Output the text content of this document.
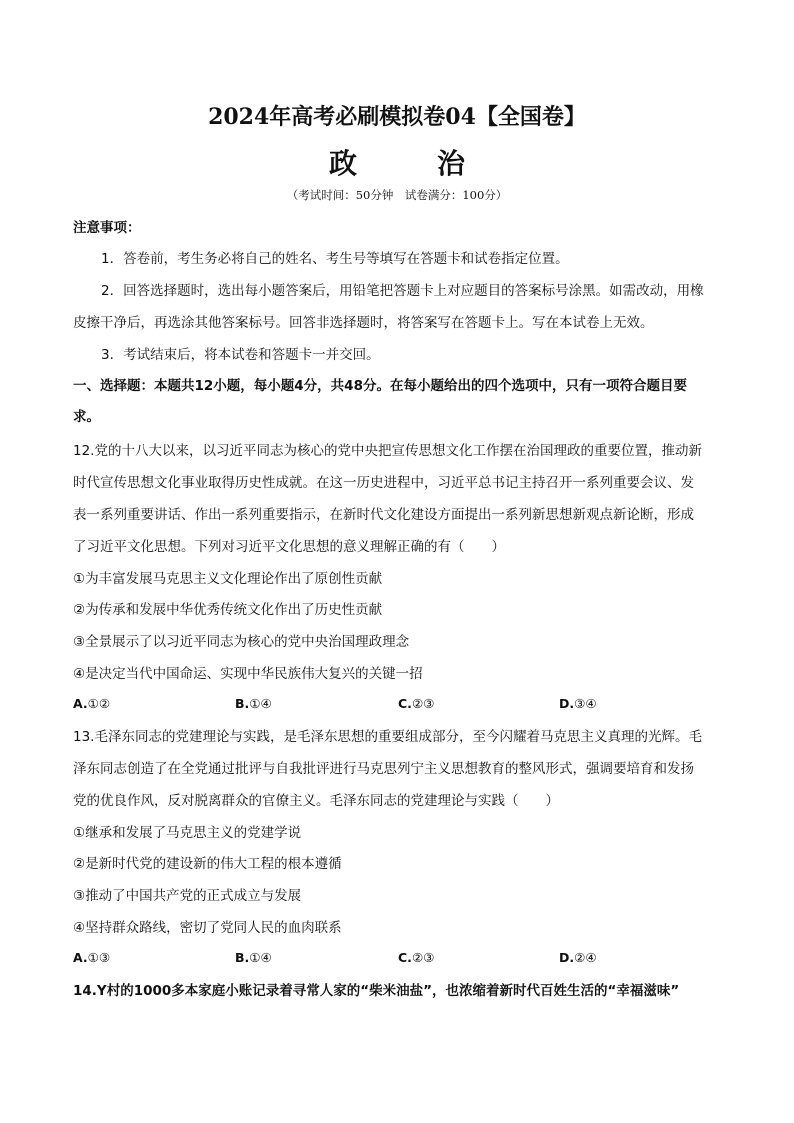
2024年高考必刷模拟卷04【全国卷】
政　治
（考试时间：50分钟　试卷满分：100分）
注意事项：
1．答卷前，考生务必将自己的姓名、考生号等填写在答题卡和试卷指定位置。
2．回答选择题时，选出每小题答案后，用铅笔把答题卡上对应题目的答案标号涂黑。如需改动，用橡
皮擦干净后，再选涂其他答案标号。回答非选择题时，将答案写在答题卡上。写在本试卷上无效。
3．考试结束后，将本试卷和答题卡一并交回。
一、选择题：本题共12小题，每小题4分，共48分。在每小题给出的四个选项中，只有一项符合题目要
求。
12.党的十八大以来，以习近平同志为核心的党中央把宣传思想文化工作摆在治国理政的重要位置，推动新
时代宣传思想文化事业取得历史性成就。在这一历史进程中，习近平总书记主持召开一系列重要会议、发
表一系列重要讲话、作出一系列重要指示，在新时代文化建设方面提出一系列新思想新观点新论断，形成
了习近平文化思想。下列对习近平文化思想的意义理解正确的有（　　）
①为丰富发展马克思主义文化理论作出了原创性贡献
②为传承和发展中华优秀传统文化作出了历史性贡献
③全景展示了以习近平同志为核心的党中央治国理政理念
④是决定当代中国命运、实现中华民族伟大复兴的关键一招
A.①②	B.①④	C.②③	D.③④
13.毛泽东同志的党建理论与实践，是毛泽东思想的重要组成部分，至今闪耀着马克思主义真理的光辉。毛
泽东同志创造了在全党通过批评与自我批评进行马克思列宁主义思想教育的整风形式，强调要培育和发扬
党的优良作风，反对脱离群众的官僚主义。毛泽东同志的党建理论与实践（　　）
①继承和发展了马克思主义的党建学说
②是新时代党的建设新的伟大工程的根本遵循
③推动了中国共产党的正式成立与发展
④坚持群众路线，密切了党同人民的血肉联系
A.①③	B.①④	C.②③	D.②④
14.Y村的1000多本家庭小账记录着寻常人家的“柴米油盐”，也浓缩着新时代百姓生活的“幸福滋味”
